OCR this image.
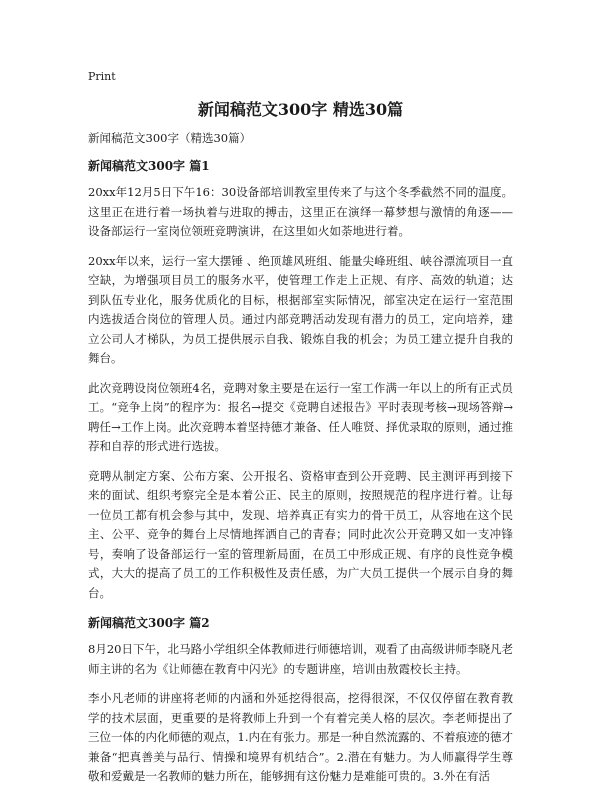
Print
新闻稿范文300字 精选30篇
新闻稿范文300字（精选30篇）
新闻稿范文300字 篇1

20xx年12月5日下午16：30设备部培训教室里传来了与这个冬季截然不同的温度。这里正在进行着一场执着与进取的搏击，这里正在演绎一幕梦想与激情的角逐——设备部运行一室岗位领班竞聘演讲，在这里如火如荼地进行着。

20xx年以来，运行一室大摆锤 、绝顶雄风班组、能量尖峰班组、峡谷漂流项目一直空缺，为增强项目员工的服务水平，使管理工作走上正规、有序、高效的轨道；达到队伍专业化，服务优质化的目标，根据部室实际情况，部室决定在运行一室范围内选拔适合岗位的管理人员。通过内部竞聘活动发现有潜力的员工，定向培养，建立公司人才梯队，为员工提供展示自我、锻炼自我的机会；为员工建立提升自我的舞台。

此次竞聘设岗位领班4名，竞聘对象主要是在运行一室工作满一年以上的所有正式员工。“竞争上岗”的程序为：报名→提交《竞聘自述报告》平时表现考核→现场答辩→聘任→工作上岗。此次竞聘本着坚持德才兼备、任人唯贤、择优录取的原则，通过推荐和自荐的形式进行选拔。

竞聘从制定方案、公布方案、公开报名、资格审查到公开竞聘、民主测评再到接下来的面试、组织考察完全是本着公正、民主的原则，按照规范的程序进行着。让每一位员工都有机会参与其中，发现、培养真正有实力的骨干员工，从容地在这个民主、公平、竞争的舞台上尽情地挥洒自己的青春；同时此次公开竞聘又如一支冲锋号，奏响了设备部运行一室的管理新局面，在员工中形成正规、有序的良性竞争模式，大大的提高了员工的工作积极性及责任感，为广大员工提供一个展示自身的舞台。

新闻稿范文300字 篇2

8月20日下午，北马路小学组织全体教师进行师德培训，观看了由高级讲师李晓凡老师主讲的名为《让师德在教育中闪光》的专题讲座，培训由敖霞校长主持。

李小凡老师的讲座将老师的内涵和外延挖得很高，挖得很深，不仅仅停留在教育教学的技术层面，更重要的是将教师上升到一个有着完美人格的层次。李老师提出了三位一体的内化师德的观点，1.内在有张力。那是一种自然流露的、不着痕迹的德才兼备“把真善美与品行、情操和境界有机结合”。2.潜在有魅力。为人师赢得学生尊敬和爱戴是一名教师的魅力所在，能够拥有这份魅力是难能可贵的。3.外在有活
